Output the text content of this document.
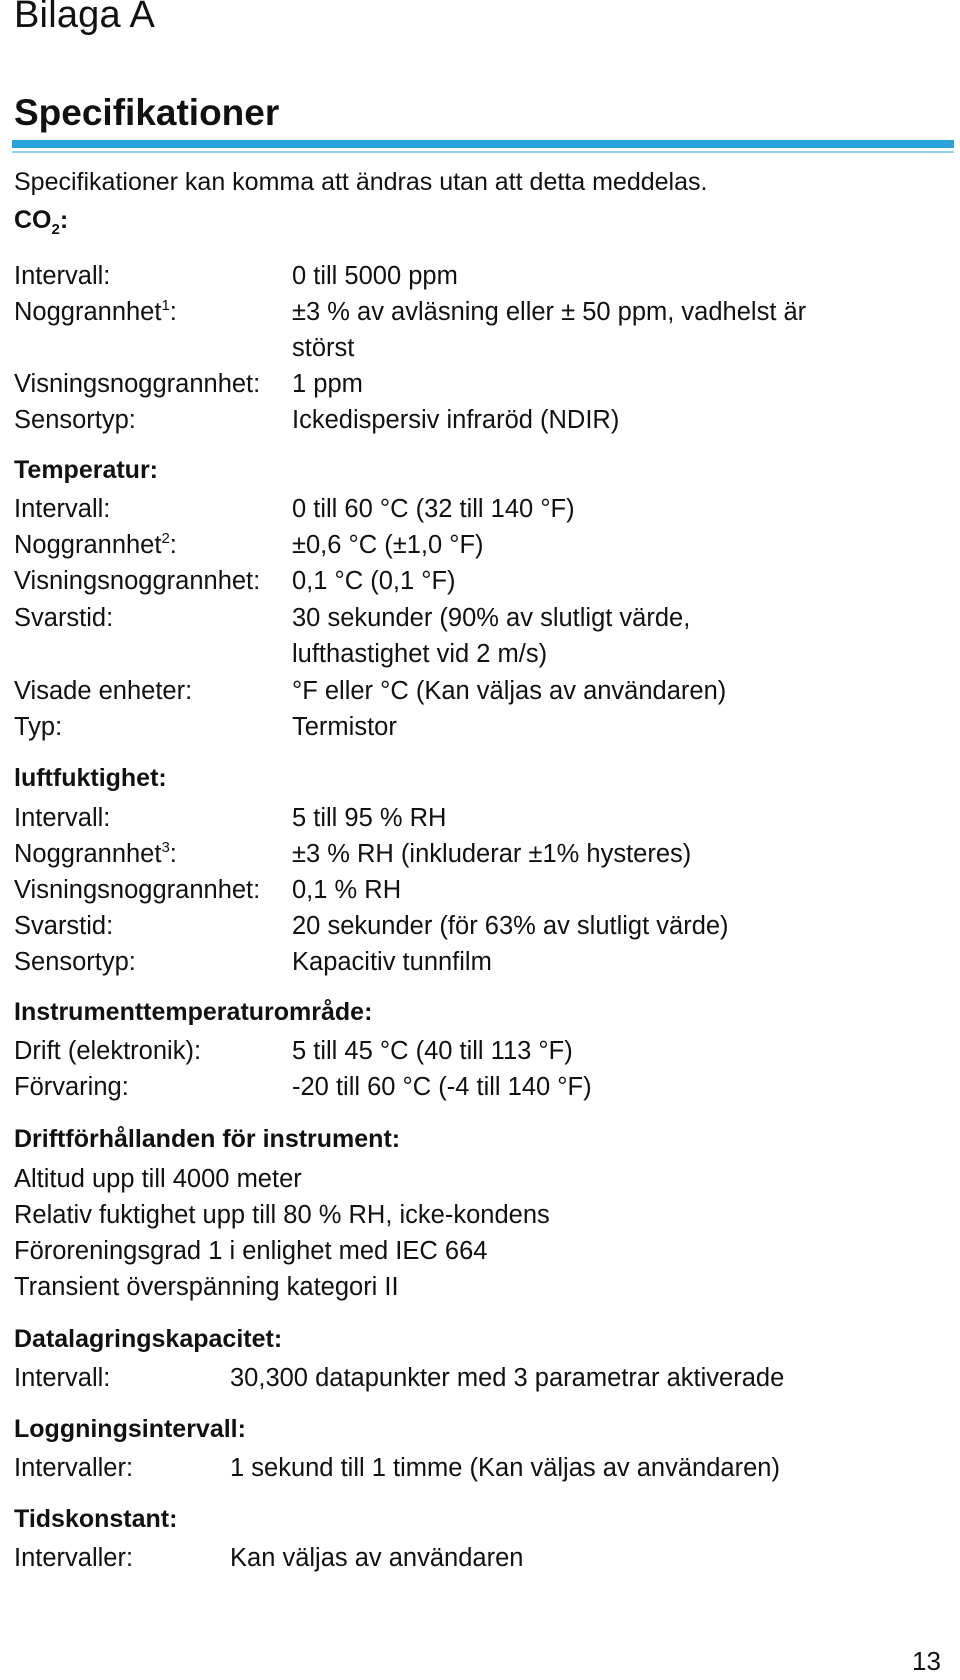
Bilaga A
Specifikationer
Specifikationer kan komma att ändras utan att detta meddelas.
$CO_2$:
Intervall:	0 till 5000 ppm
Noggrannhet$^1$:	±3 % av avläsning eller ± 50 ppm, vadhelst är
störst
Visningsnoggrannhet: 1 ppm
Sensortyp:	Ickedispersiv infraröd (NDIR)
Temperatur:
Intervall:	0 till 60 °C (32 till 140 °F)
Noggrannhet$^2$:	±0,6 °C (±1,0 °F)
Visningsnoggrannhet: 0,1 °C (0,1 °F)
Svarstid:	30 sekunder (90% av slutligt värde,
lufthastighet vid 2 m/s)
Visade enheter:	°F eller °C (Kan väljas av användaren)
Typ:	Termistor
luftfuktighet:
Intervall:	5 till 95 % RH
Noggrannhet$^3$:	±3 % RH (inkluderar ±1% hysteres)
Visningsnoggrannhet: 0,1 % RH
Svarstid:	20 sekunder (för 63% av slutligt värde)
Sensortyp:	Kapacitiv tunnfilm
Instrumenttemperaturområde:
Drift (elektronik):	5 till 45 °C (40 till 113 °F)
Förvaring:	-20 till 60 °C (-4 till 140 °F)
Driftförhållanden för instrument:
Altitud upp till 4000 meter
Relativ fuktighet upp till 80 % RH, icke-kondens
Föroreningsgrad 1 i enlighet med IEC 664
Transient överspänning kategori II
Datalagringskapacitet:
Intervall:	30,300 datapunkter med 3 parametrar aktiverade
Loggningsintervall:
Intervaller:	1 sekund till 1 timme (Kan väljas av användaren)
Tidskonstant:
Intervaller:	Kan väljas av användaren
13
